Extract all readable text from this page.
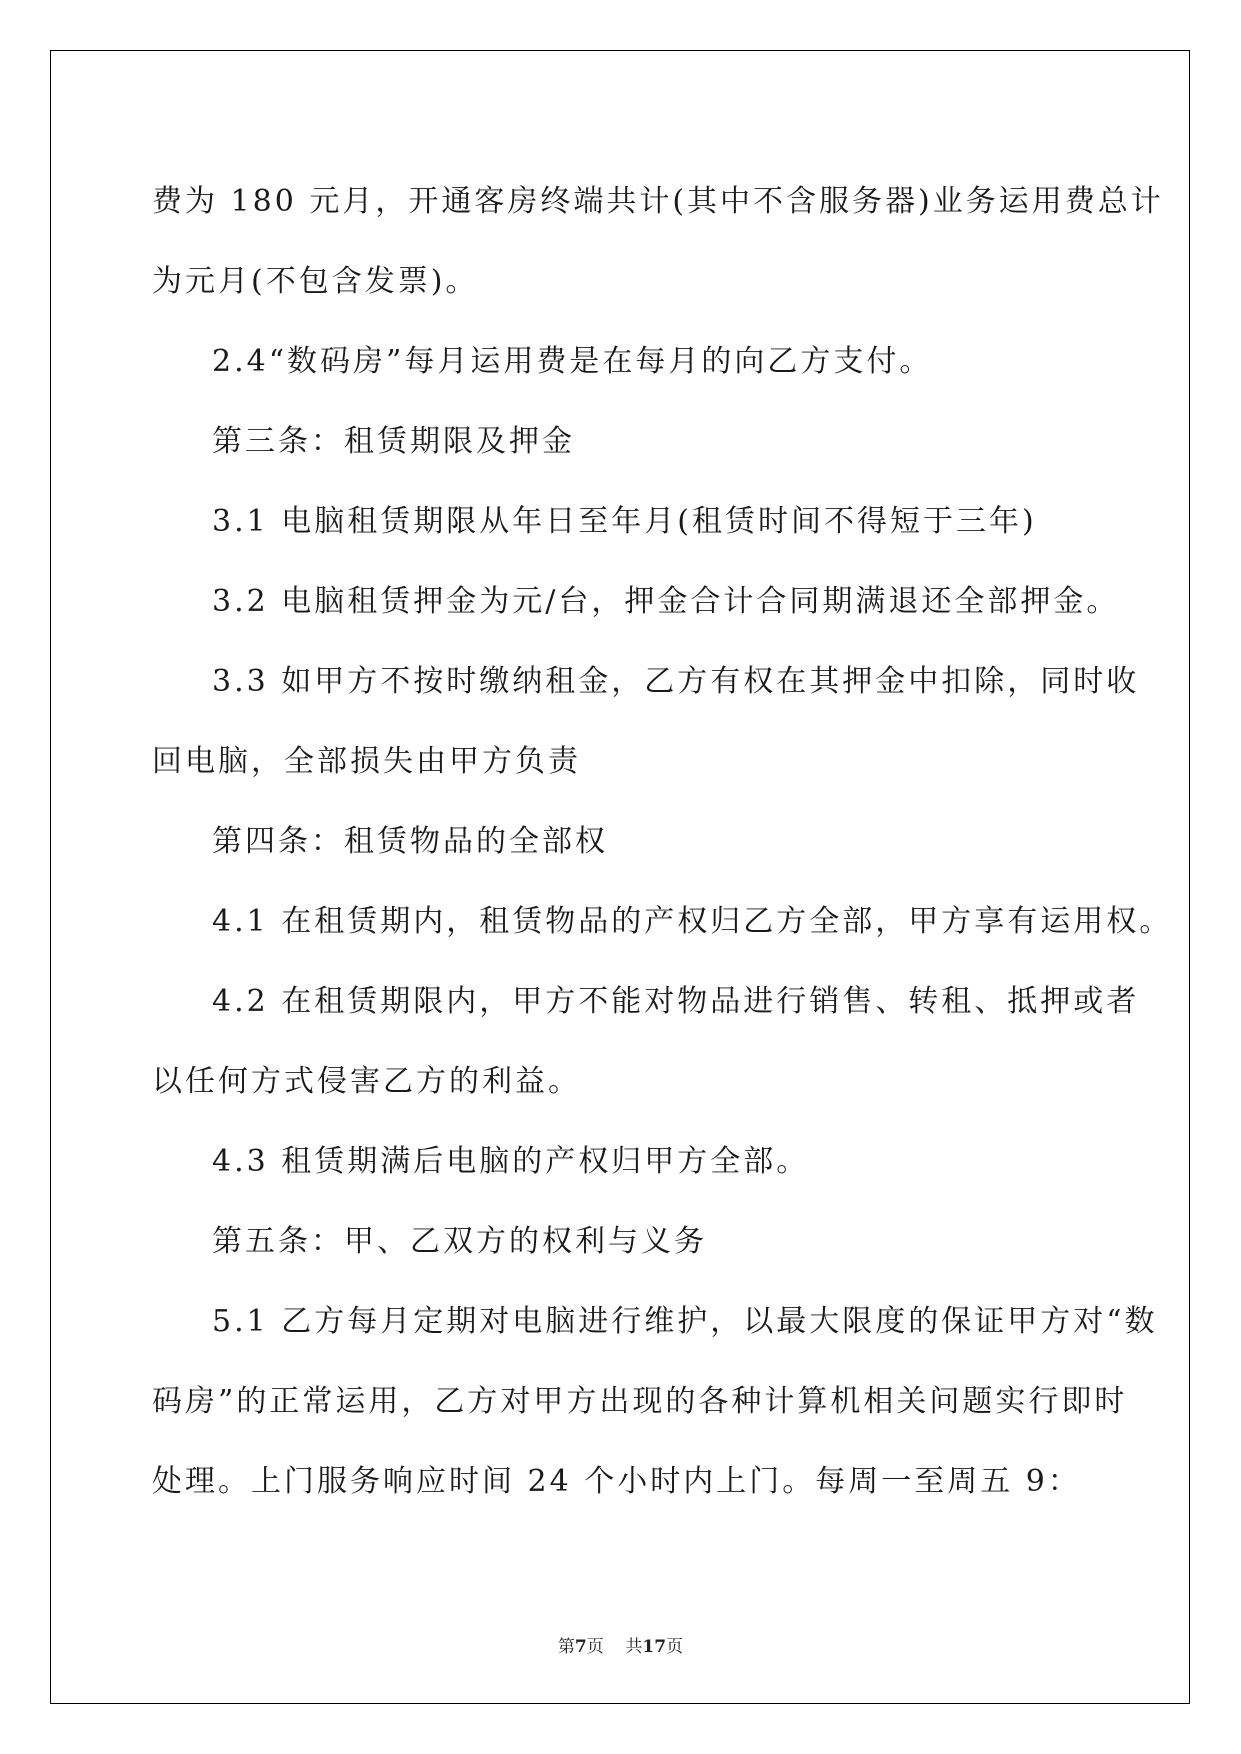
费为 180 元月，开通客房终端共计(其中不含服务器)业务运用费总计
为元月(不包含发票)。
2.4“数码房”每月运用费是在每月的向乙方支付。
第三条：租赁期限及押金
3.1 电脑租赁期限从年日至年月(租赁时间不得短于三年)
3.2 电脑租赁押金为元/台，押金合计合同期满退还全部押金。
3.3 如甲方不按时缴纳租金，乙方有权在其押金中扣除，同时收
回电脑，全部损失由甲方负责
第四条：租赁物品的全部权
4.1 在租赁期内，租赁物品的产权归乙方全部，甲方享有运用权。
4.2 在租赁期限内，甲方不能对物品进行销售、转租、抵押或者
以任何方式侵害乙方的利益。
4.3 租赁期满后电脑的产权归甲方全部。
第五条：甲、乙双方的权利与义务
5.1 乙方每月定期对电脑进行维护，以最大限度的保证甲方对“数
码房”的正常运用，乙方对甲方出现的各种计算机相关问题实行即时
处理。上门服务响应时间 24 个小时内上门。每周一至周五 9：
第7页 共17页
